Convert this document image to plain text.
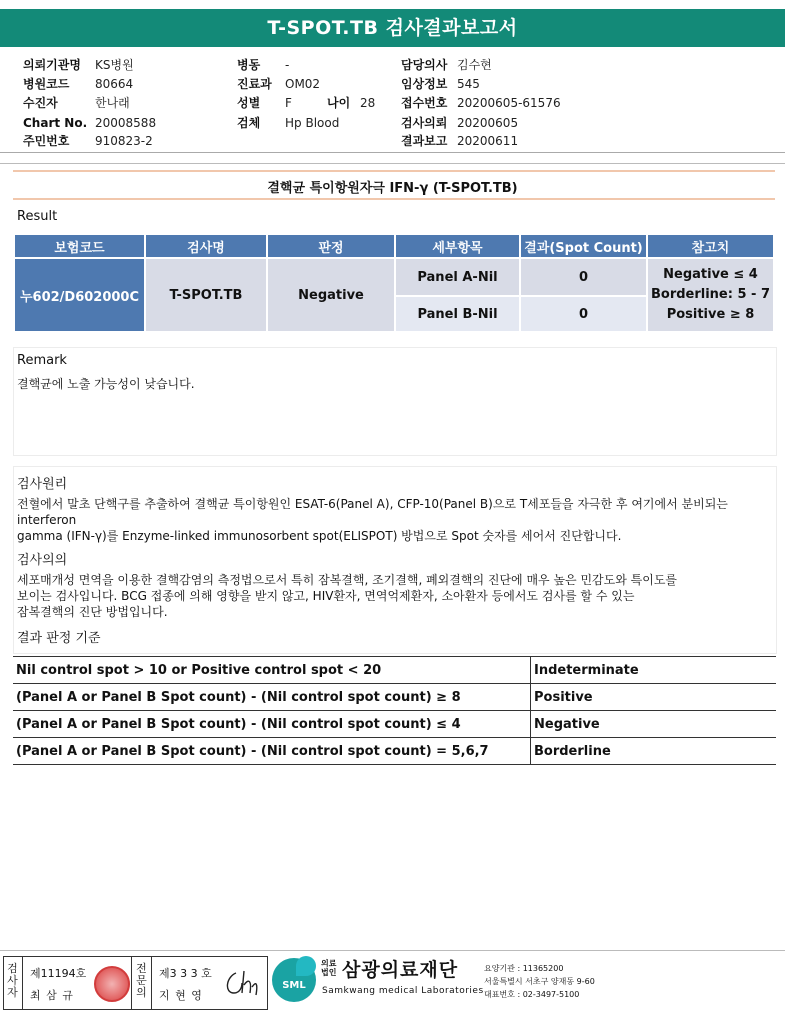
T-SPOT.TB 검사결과보고서
의뢰기관명 KS병원
병원코드 80664
수진자	한나래
Chart No. 20008588
주민번호 910823-2
병동 -
진료과 OM02
성별 F	나이 28
검체 Hp Blood
담당의사 김수현
임상정보 545
접수번호 20200605-61576
검사의뢰 20200605
결과보고 20200611
결핵균 특이항원자극 IFN-γ (T-SPOT.TB)
Result
보험코드	검사명	판정	세부항목	결과(Spot Count)	참고치
누602/D602000C	T-SPOT.TB	Negative	Panel A-Nil	0	Negative ≤ 4
Borderline: 5 - 7
Positive ≥ 8

			Panel B-Nil	0	
Remark
결핵균에 노출 가능성이 낮습니다.
검사원리
전혈에서 말초 단핵구를 추출하여 결핵균 특이항원인 ESAT-6(Panel A), CFP-10(Panel B)으로 T세포들을 자극한 후 여기에서 분비되는
interferon
gamma (IFN-γ)를 Enzyme-linked immunosorbent spot(ELISPOT) 방법으로 Spot 숫자를 세어서 진단합니다.
검사의의
세포매개성 면역을 이용한 결핵감염의 측정법으로서 특히 잠복결핵, 조기결핵, 폐외결핵의 진단에 매우 높은 민감도와 특이도를
보이는 검사입니다. BCG 접종에 의해 영향을 받지 않고, HIV환자, 면역억제환자, 소아환자 등에서도 검사를 할 수 있는
잠복결핵의 진단 방법입니다.
결과 판정 기준
Nil control spot > 10 or Positive control spot < 20	Indeterminate
(Panel A or Panel B Spot count) - (Nil control spot count) ≥ 8	Positive
(Panel A or Panel B Spot count) - (Nil control spot count) ≤ 4	Negative
(Panel A or Panel B Spot count) - (Nil control spot count) = 5,6,7	Borderline
검사자
제11194호
최 삼 규
전문의
제3 3 3 호
지 현 영
SML
의료
법인 삼광의료재단
Samkwang medical Laboratories
요양기관 : 11365200
서울특별시 서초구 양재동 9-60
대표번호 : 02-3497-5100
